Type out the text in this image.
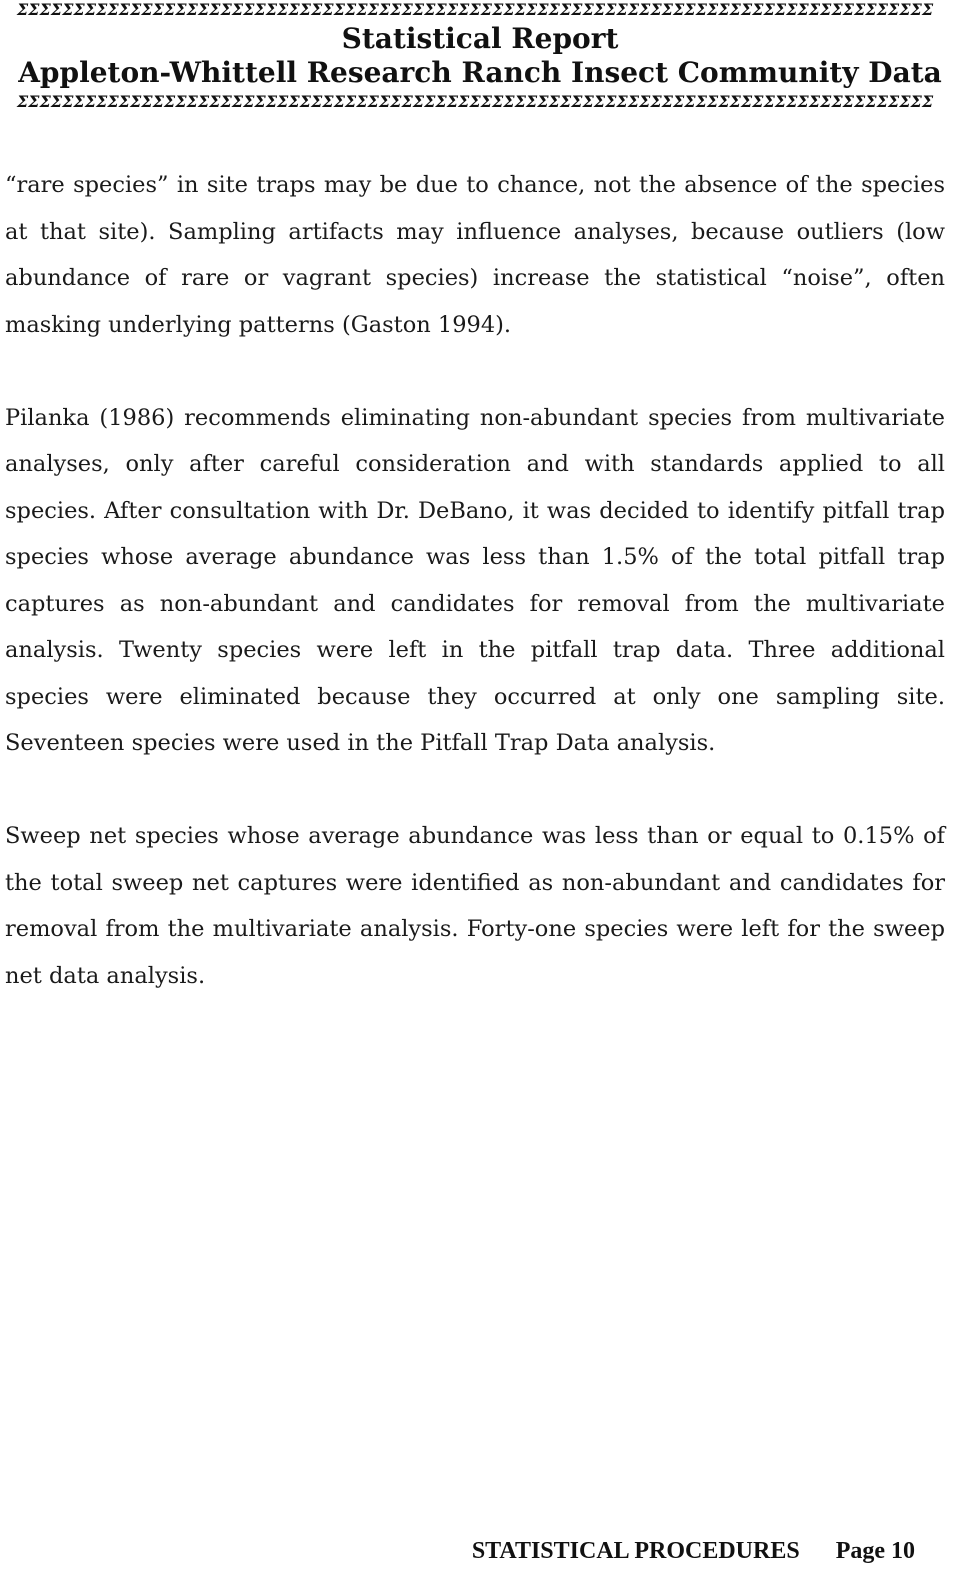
ΣΣΣΣΣΣΣΣΣΣΣΣΣΣΣΣΣΣΣΣΣΣΣΣΣΣΣΣΣΣΣΣΣΣΣΣΣΣΣΣΣΣΣΣΣΣΣΣΣΣΣΣΣΣΣΣΣΣΣΣΣΣΣΣΣΣΣΣΣΣΣΣΣΣΣΣΣΣΣΣΣ
Statistical Report
Appleton-Whittell Research Ranch Insect Community Data
ΣΣΣΣΣΣΣΣΣΣΣΣΣΣΣΣΣΣΣΣΣΣΣΣΣΣΣΣΣΣΣΣΣΣΣΣΣΣΣΣΣΣΣΣΣΣΣΣΣΣΣΣΣΣΣΣΣΣΣΣΣΣΣΣΣΣΣΣΣΣΣΣΣΣΣΣΣΣΣΣΣ

“rare species” in site traps may be due to chance, not the absence of the species at that site). Sampling artifacts may influence analyses, because outliers (low abundance of rare or vagrant species) increase the statistical “noise”, often masking underlying patterns (Gaston 1994).

Pilanka (1986) recommends eliminating non-abundant species from multivariate analyses, only after careful consideration and with standards applied to all species. After consultation with Dr. DeBano, it was decided to identify pitfall trap species whose average abundance was less than 1.5% of the total pitfall trap captures as non-abundant and candidates for removal from the multivariate analysis. Twenty species were left in the pitfall trap data. Three additional species were eliminated because they occurred at only one sampling site. Seventeen species were used in the Pitfall Trap Data analysis.

Sweep net species whose average abundance was less than or equal to 0.15% of the total sweep net captures were identified as non-abundant and candidates for removal from the multivariate analysis. Forty-one species were left for the sweep net data analysis.

STATISTICAL PROCEDURES Page 10
